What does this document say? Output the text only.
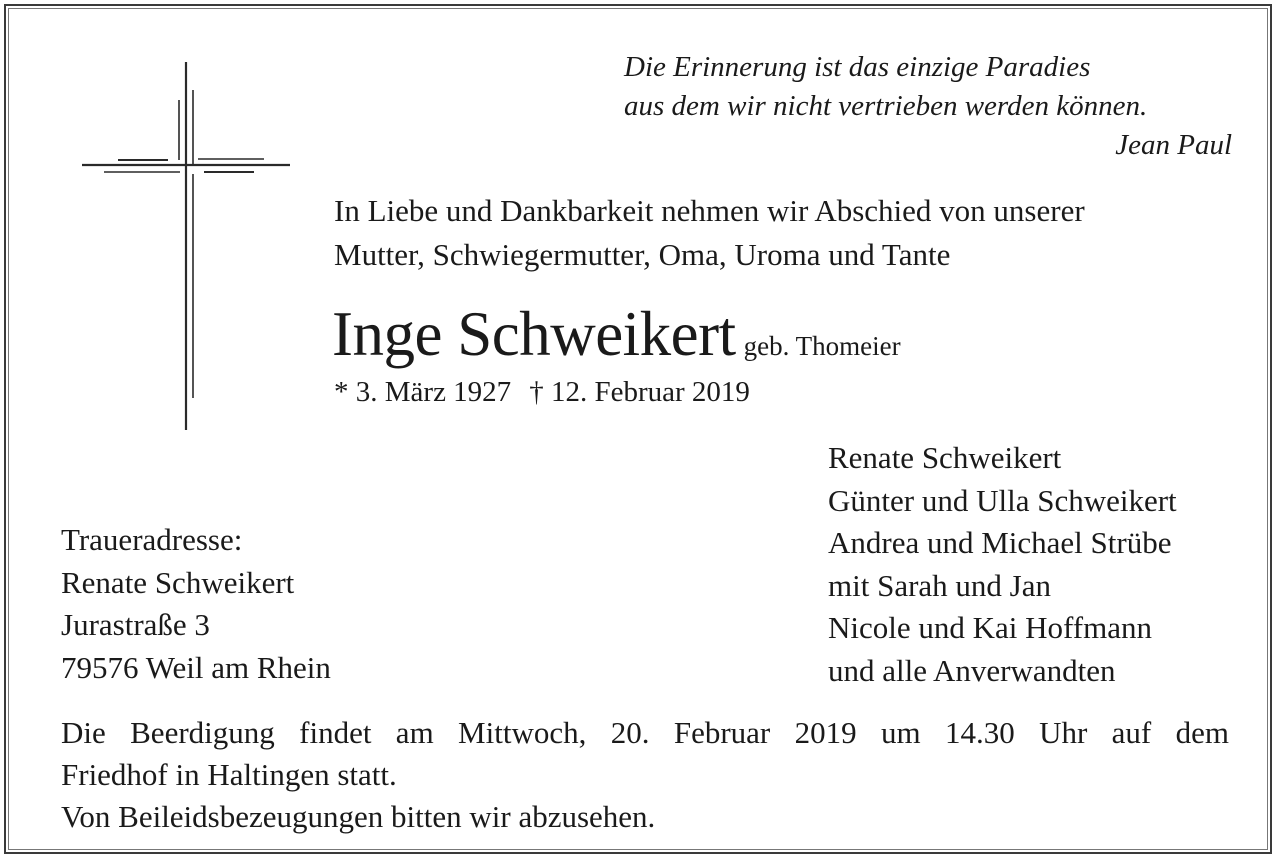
Die Erinnerung ist das einzige Paradies
aus dem wir nicht vertrieben werden können.
Jean Paul
In Liebe und Dankbarkeit nehmen wir Abschied von unserer
Mutter, Schwiegermutter, Oma, Uroma und Tante
Inge Schweikert geb. Thomeier
* 3. März 1927 † 12. Februar 2019
Renate Schweikert
Günter und Ulla Schweikert
Andrea und Michael Strübe
mit Sarah und Jan
Nicole und Kai Hoffmann
und alle Anverwandten
Traueradresse:
Renate Schweikert
Jurastraße 3
79576 Weil am Rhein
Die Beerdigung findet am Mittwoch, 20. Februar 2019 um 14.30 Uhr auf dem
Friedhof in Haltingen statt.
Von Beileidsbezeugungen bitten wir abzusehen.
